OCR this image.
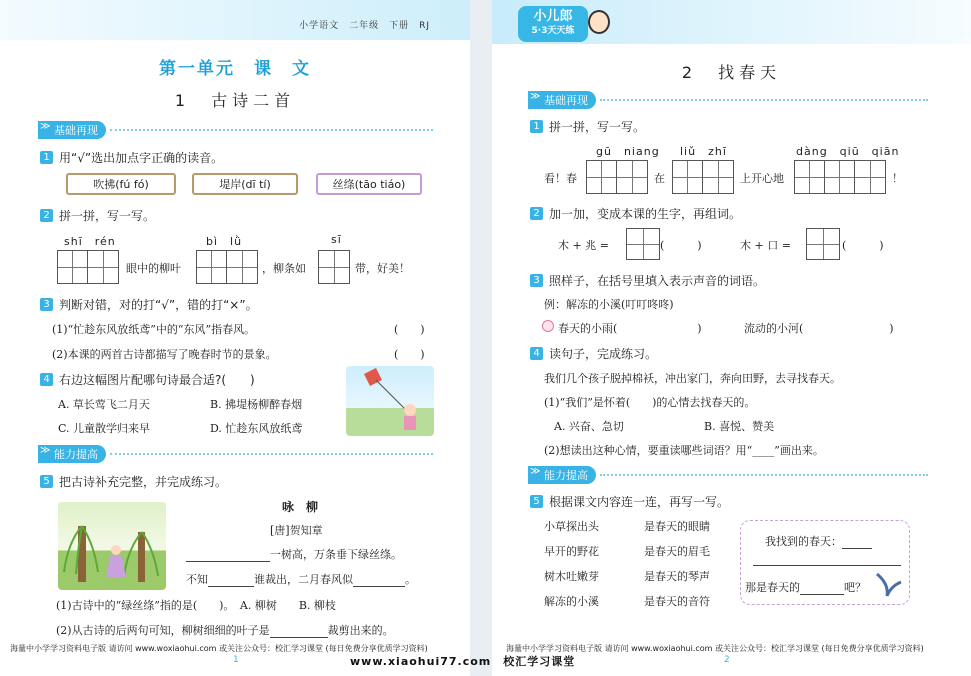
小学语文　二年级　下册　RJ
第一单元　课　文
1　古诗二首
≫ 基础再现
1 用“√”选出加点字正确的读音。
吹拂(fú fó)	堤岸(dī tí)	丝绦(tāo tiáo)
2 拼一拼，写一写。
shī　rén	bì　lǜ	sī
眼中的柳叶	，柳条如	带，好美！
3 判断对错，对的打“√”，错的打“×”。
(1)“忙趁东风放纸鸢”中的“东风”指春风。	(　　)
(2)本课的两首古诗都描写了晚春时节的景象。	(　　)
4 右边这幅图片配哪句诗最合适?(　　)
A. 草长莺飞二月天	B. 拂堤杨柳醉春烟
C. 儿童散学归来早	D. 忙趁东风放纸鸢
≫ 能力提高
5 把古诗补充完整，并完成练习。
咏　柳
[唐]贺知章
一树高，万条垂下绿丝绦。
不知	谁裁出，二月春风似	。
(1)古诗中的“绿丝绦”指的是(　　)。　A. 柳树　　B. 柳枝
(2)从古诗的后两句可知，柳树细细的叶子是	裁剪出来的。
海量中小学学习资料电子版 请访问 www.woxiaohui.com 或关注公众号：校汇学习课堂 (每日免费分享优质学习资料)
1
小儿郎
5·3天天练
2　找春天
≫ 基础再现
1 拼一拼，写一写。
gū　niang liǔ　zhī	dàng　qiū　qiān
看！春	在	上开心地	！
2 加一加，变成本课的生字，再组词。
木 + 兆 =	(　　　)	木 + 口 =	(　　　)
3 照样子，在括号里填入表示声音的词语。
例：解冻的小溪(叮叮咚咚)
春天的小雨(	)	流动的小河(	)
4 读句子，完成练习。
我们几个孩子脱掉棉袄，冲出家门，奔向田野，去寻找春天。
(1)“我们”是怀着(　　)的心情去找春天的。
A. 兴奋、急切	B. 喜悦、赞美
(2)想读出这种心情，要重读哪些词语？用“____”画出来。
≫ 能力提高
5 根据课文内容连一连，再写一写。
小草探出头
早开的野花
树木吐嫩芽
解冻的小溪
是春天的眼睛
是春天的眉毛
是春天的琴声
是春天的音符
海量中小学学习资料电子版 请访问 www.woxiaohui.com 或关注公众号：校汇学习课堂 (每日免费分享优质学习资料)
2
我找到的春天：
那是春天的	吧？
www.xiaohui77.com　校汇学习课堂
